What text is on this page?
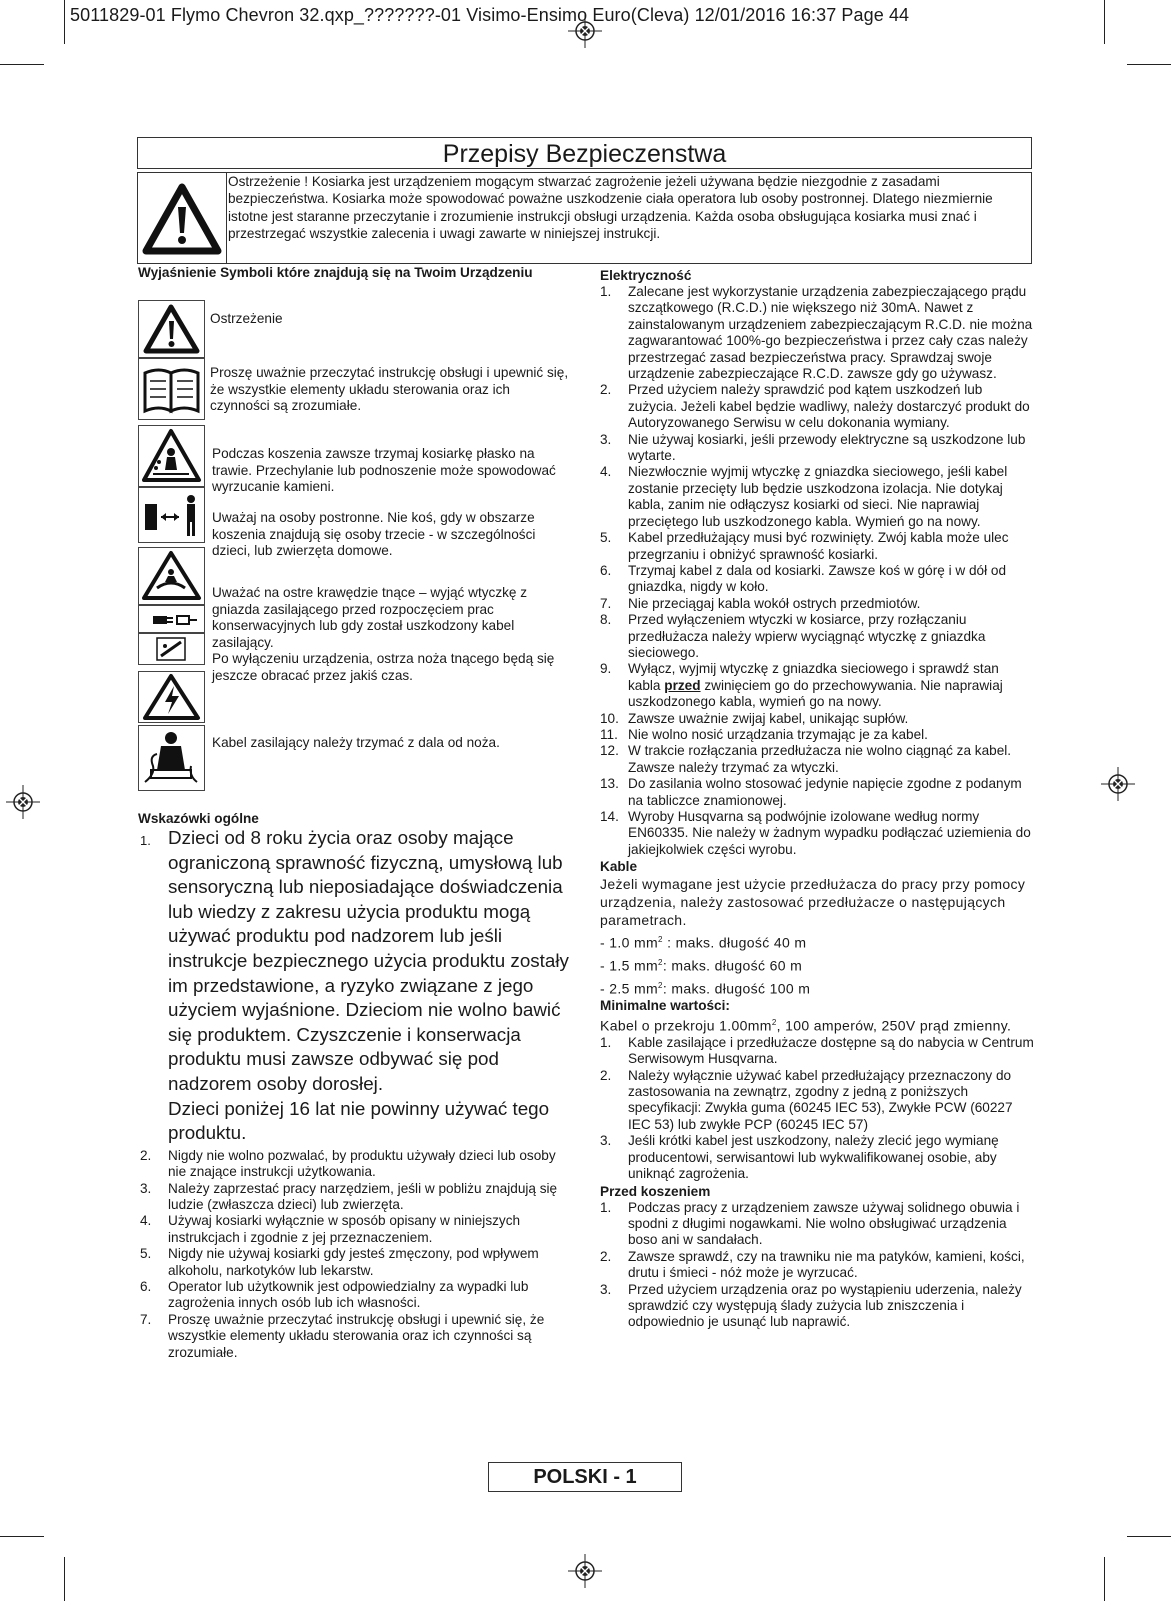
5011829-01 Flymo Chevron 32.qxp_???????-01 Visimo-Ensimo Euro(Cleva) 12/01/2016 16:37 Page 44
Przepisy Bezpieczenstwa
Ostrzeżenie ! Kosiarka jest urządzeniem mogącym stwarzać zagrożenie jeżeli używana będzie niezgodnie z zasadami bezpieczeństwa. Kosiarka może spowodować poważne uszkodzenie ciała operatora lub osoby postronnej. Dlatego niezmiernie istotne jest staranne przeczytanie i zrozumienie instrukcji obsługi urządzenia. Każda osoba obsługująca kosiarka musi znać i przestrzegać wszystkie zalecenia i uwagi zawarte w niniejszej instrukcji.
Wyjaśnienie Symboli które znajdują się na Twoim Urządzeniu
Ostrzeżenie
Proszę uważnie przeczytać instrukcję obsługi i upewnić się, że wszystkie elementy układu sterowania oraz ich czynności są zrozumiałe.
Podczas koszenia zawsze trzymaj kosiarkę płasko na trawie. Przechylanie lub podnoszenie może spowodować wyrzucanie kamieni.
Uważaj na osoby postronne. Nie koś, gdy w obszarze koszenia znajdują się osoby trzecie - w szczególności dzieci, lub zwierzęta domowe.
Uważać na ostre krawędzie tnące – wyjąć wtyczkę z gniazda zasilającego przed rozpoczęciem prac konserwacyjnych lub gdy został uszkodzony kabel zasilający.
Po wyłączeniu urządzenia, ostrza noża tnącego będą się jeszcze obracać przez jakiś czas.
Kabel zasilający należy trzymać z dala od noża.
Wskazówki ogólne
1. Dzieci od 8 roku życia oraz osoby mające ograniczoną sprawność fizyczną, umysłową lub sensoryczną lub nieposiadające doświadczenia lub wiedzy z zakresu użycia produktu mogą używać produktu pod nadzorem lub jeśli instrukcje bezpiecznego użycia produktu zostały im przedstawione, a ryzyko związane z jego użyciem wyjaśnione. Dzieciom nie wolno bawić się produktem. Czyszczenie i konserwacja produktu musi zawsze odbywać się pod nadzorem osoby dorosłej.
Dzieci poniżej 16 lat nie powinny używać tego produktu.
2. Nigdy nie wolno pozwalać, by produktu używały dzieci lub osoby nie znające instrukcji użytkowania.
3. Należy zaprzestać pracy narzędziem, jeśli w pobliżu znajdują się ludzie (zwłaszcza dzieci) lub zwierzęta.
4. Używaj kosiarki wyłącznie w sposób opisany w niniejszych instrukcjach i zgodnie z jej przeznaczeniem.
5. Nigdy nie używaj kosiarki gdy jesteś zmęczony, pod wpływem alkoholu, narkotyków lub lekarstw.
6. Operator lub użytkownik jest odpowiedzialny za wypadki lub zagrożenia innych osób lub ich własności.
7. Proszę uważnie przeczytać instrukcję obsługi i upewnić się, że wszystkie elementy układu sterowania oraz ich czynności są zrozumiałe.
Elektryczność
1. Zalecane jest wykorzystanie urządzenia zabezpieczającego prądu szczątkowego (R.C.D.) nie większego niż 30mA. Nawet z zainstalowanym urządzeniem zabezpieczającym R.C.D. nie można zagwarantować 100%-go bezpieczeństwa i przez cały czas należy przestrzegać zasad bezpieczeństwa pracy. Sprawdzaj swoje urządzenie zabezpieczające R.C.D. zawsze gdy go używasz.
2. Przed użyciem należy sprawdzić pod kątem uszkodzeń lub zużycia. Jeżeli kabel będzie wadliwy, należy dostarczyć produkt do Autoryzowanego Serwisu w celu dokonania wymiany.
3. Nie używaj kosiarki, jeśli przewody elektryczne są uszkodzone lub wytarte.
4. Niezwłocznie wyjmij wtyczkę z gniazdka sieciowego, jeśli kabel zostanie przecięty lub będzie uszkodzona izolacja. Nie dotykaj kabla, zanim nie odłączysz kosiarki od sieci. Nie naprawiaj przeciętego lub uszkodzonego kabla. Wymień go na nowy.
5. Kabel przedłużający musi być rozwinięty. Zwój kabla może ulec przegrzaniu i obniżyć sprawność kosiarki.
6. Trzymaj kabel z dala od kosiarki. Zawsze koś w górę i w dół od gniazdka, nigdy w koło.
7. Nie przeciągaj kabla wokół ostrych przedmiotów.
8. Przed wyłączeniem wtyczki w kosiarce, przy rozłączaniu przedłużacza należy wpierw wyciągnąć wtyczkę z gniazdka sieciowego.
9. Wyłącz, wyjmij wtyczkę z gniazdka sieciowego i sprawdź stan kabla przed zwinięciem go do przechowywania. Nie naprawiaj uszkodzonego kabla, wymień go na nowy.
10. Zawsze uważnie zwijaj kabel, unikając supłów.
11. Nie wolno nosić urządzania trzymając je za kabel.
12. W trakcie rozłączania przedłużacza nie wolno ciągnąć za kabel. Zawsze należy trzymać za wtyczki.
13. Do zasilania wolno stosować jedynie napięcie zgodne z podanym na tabliczce znamionowej.
14. Wyroby Husqvarna są podwójnie izolowane według normy EN60335. Nie należy w żadnym wypadku podłączać uziemienia do jakiejkolwiek części wyrobu.
Kable
Jeżeli wymagane jest użycie przedłużacza do pracy przy pomocy urządzenia, należy zastosować przedłużacze o następujących parametrach.
- 1.0 $mm^2$ : maks. długość 40 m
- 1.5 $mm^2$: maks. długość 60 m
- 2.5 $mm^2$: maks. długość 100 m
Minimalne wartości:
Kabel o przekroju $1.00mm^2$, 100 amperów, 250V prąd zmienny.
1. Kable zasilające i przedłużacze dostępne są do nabycia w Centrum Serwisowym Husqvarna.
2. Należy wyłącznie używać kabel przedłużający przeznaczony do zastosowania na zewnątrz, zgodny z jedną z poniższych specyfikacji: Zwykła guma (60245 IEC 53), Zwykłe PCW (60227 IEC 53) lub zwykłe PCP (60245 IEC 57)
3. Jeśli krótki kabel jest uszkodzony, należy zlecić jego wymianę producentowi, serwisantowi lub wykwalifikowanej osobie, aby uniknąć zagrożenia.
Przed koszeniem
1. Podczas pracy z urządzeniem zawsze używaj solidnego obuwia i spodni z długimi nogawkami. Nie wolno obsługiwać urządzenia boso ani w sandałach.
2. Zawsze sprawdź, czy na trawniku nie ma patyków, kamieni, kości, drutu i śmieci - nóż może je wyrzucać.
3. Przed użyciem urządzenia oraz po wystąpieniu uderzenia, należy sprawdzić czy występują ślady zużycia lub zniszczenia i odpowiednio je usunąć lub naprawić.
POLSKI - 1
